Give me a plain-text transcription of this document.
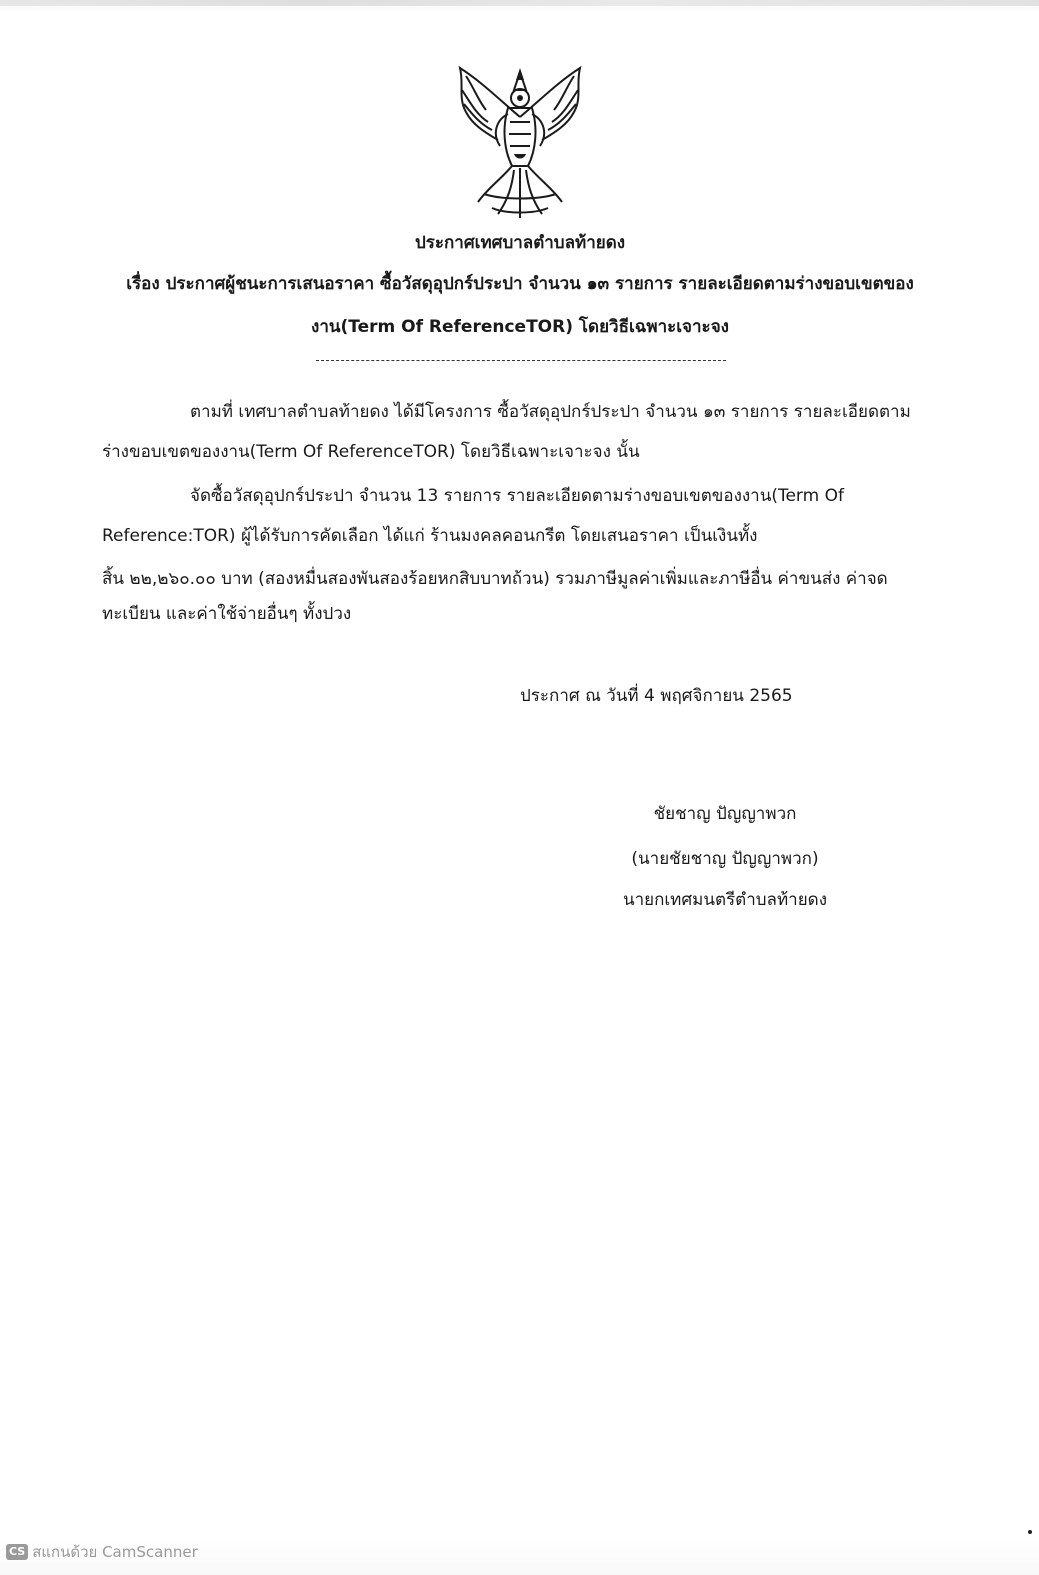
ประกาศเทศบาลตำบลท้ายดง
เรื่อง ประกาศผู้ชนะการเสนอราคา ซื้อวัสดุอุปกร์ประปา จำนวน ๑๓ รายการ รายละเอียดตามร่างขอบเขตของ
งาน(Term Of ReferenceTOR) โดยวิธีเฉพาะเจาะจง
ตามที่ เทศบาลตำบลท้ายดง ได้มีโครงการ ซื้อวัสดุอุปกร์ประปา จำนวน ๑๓ รายการ รายละเอียดตาม
ร่างขอบเขตของงาน(Term Of ReferenceTOR) โดยวิธีเฉพาะเจาะจง นั้น
จัดซื้อวัสดุอุปกร์ประปา จำนวน 13 รายการ รายละเอียดตามร่างขอบเขตของงาน(Term Of
Reference:TOR) ผู้ได้รับการคัดเลือก ได้แก่ ร้านมงคลคอนกรีต โดยเสนอราคา เป็นเงินทั้ง
สิ้น ๒๒,๒๖๐.๐๐ บาท (สองหมื่นสองพันสองร้อยหกสิบบาทถ้วน) รวมภาษีมูลค่าเพิ่มและภาษีอื่น ค่าขนส่ง ค่าจด
ทะเบียน และค่าใช้จ่ายอื่นๆ ทั้งปวง
ประกาศ ณ วันที่ 4 พฤศจิกายน 2565
ชัยชาญ ปัญญาพวก
(นายชัยชาญ ปัญญาพวก)
นายกเทศมนตรีตำบลท้ายดง
CS สแกนด้วย CamScanner
